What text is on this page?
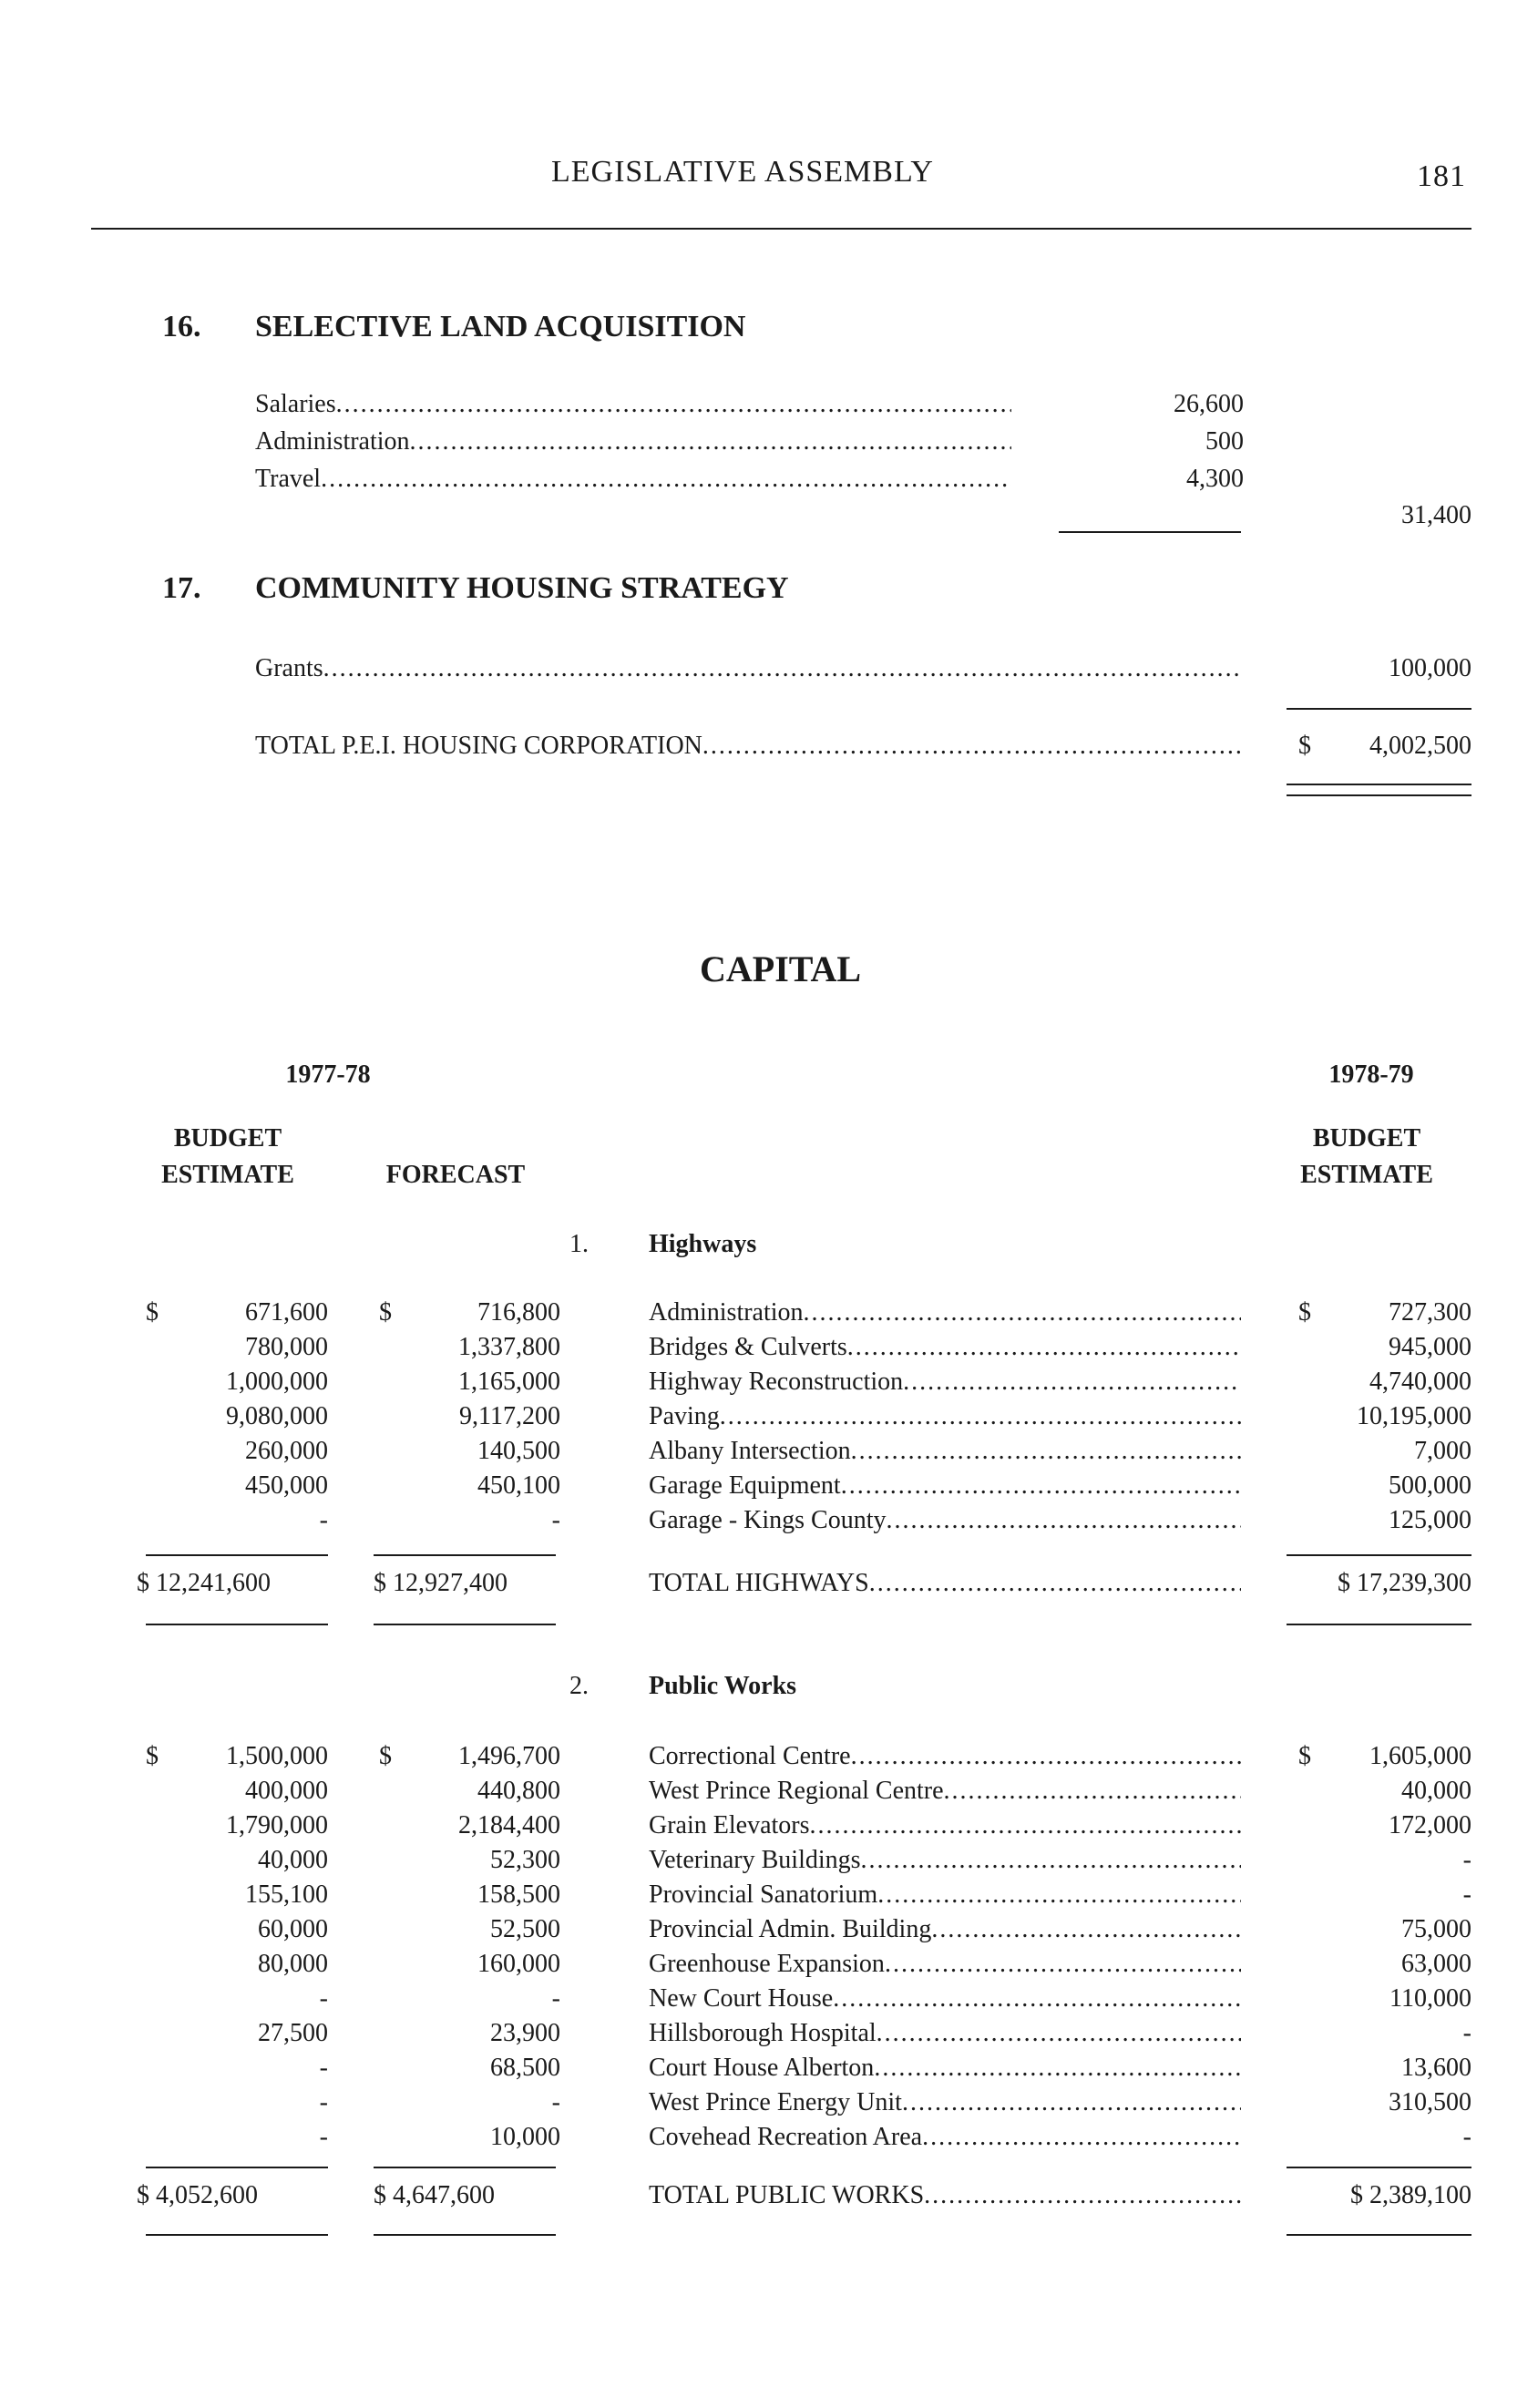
LEGISLATIVE ASSEMBLY	181
16. SELECTIVE LAND ACQUISITION
Salaries .....	26,600
Administration .....	500
Travel .....	4,300
31,400
17. COMMUNITY HOUSING STRATEGY
Grants .....	100,000
TOTAL P.E.I. HOUSING CORPORATION .....	$	4,002,500
CAPITAL
1977-78	1978-79
BUDGET
ESTIMATE	FORECAST
BUDGET
ESTIMATE
1. Highways
$	$	$
671,600	716,800	Administration .....	727,300
780,000	1,337,800	Bridges & Culverts .....	945,000
1,000,000	1,165,000	Highway Reconstruction .....	4,740,000
9,080,000	9,117,200	Paving .....	10,195,000
260,000	140,500	Albany Intersection .....	7,000
450,000	450,100	Garage Equipment .....	500,000
-	-	Garage - Kings County .....	125,000
$ 12,241,600	$ 12,927,400	TOTAL HIGHWAYS .....	$ 17,239,300
2. Public Works
$	$	$
1,500,000	1,496,700	Correctional Centre .....	1,605,000
400,000	440,800	West Prince Regional Centre .....	40,000
1,790,000	2,184,400	Grain Elevators .....	172,000
40,000	52,300	Veterinary Buildings .....	-
155,100	158,500	Provincial Sanatorium .....	-
60,000	52,500	Provincial Admin. Building .....	75,000
80,000	160,000	Greenhouse Expansion .....	63,000
-	-	New Court House .....	110,000
27,500	23,900	Hillsborough Hospital .....	-
-	68,500	Court House Alberton .....	13,600
-	-	West Prince Energy Unit .....	310,500
-	10,000	Covehead Recreation Area .....	-
$ 4,052,600	$ 4,647,600	TOTAL PUBLIC WORKS .....	$ 2,389,100
